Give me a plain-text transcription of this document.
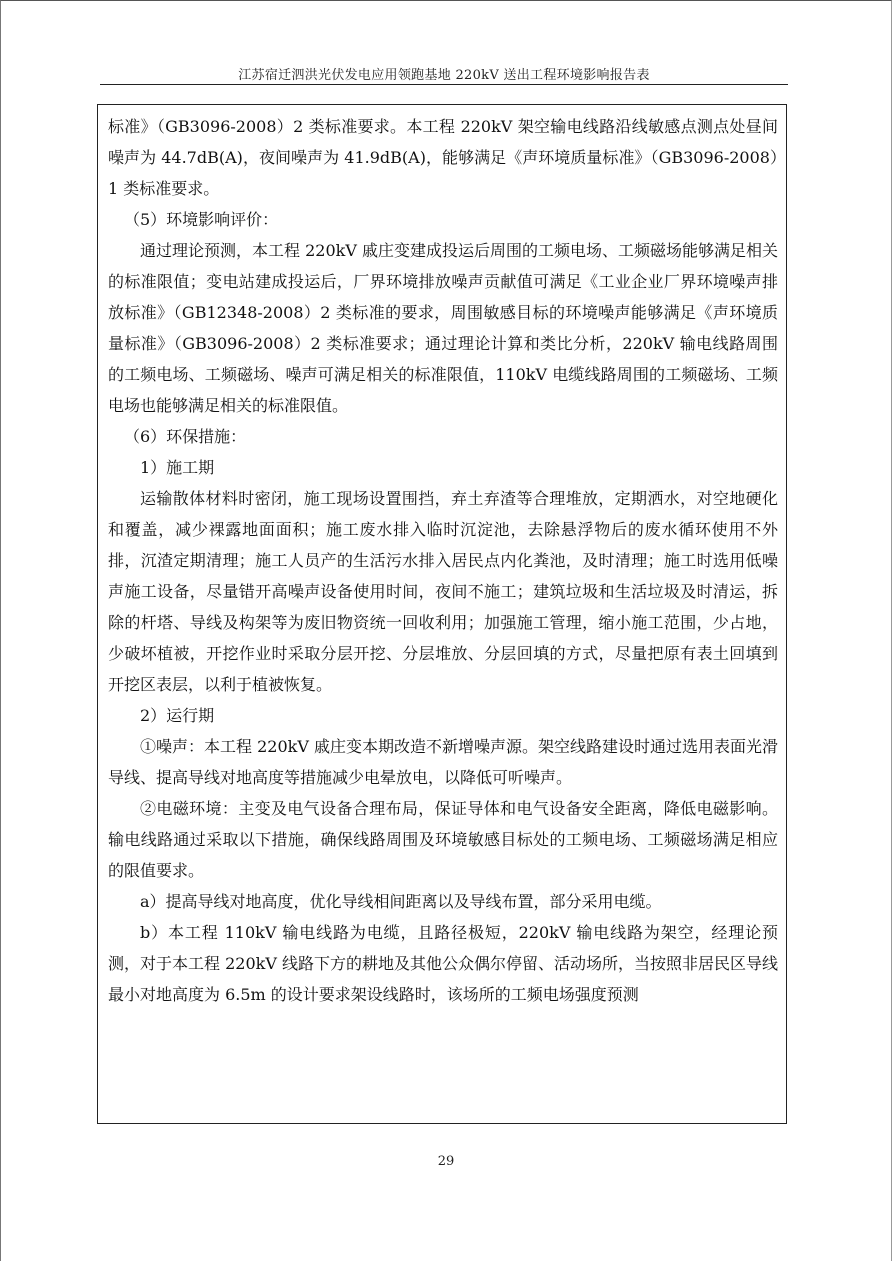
江苏宿迁泗洪光伏发电应用领跑基地 220kV 送出工程环境影响报告表

标准》（GB3096-2008）2 类标准要求。本工程 220kV 架空输电线路沿线敏感点测点处昼间噪声为 44.7dB(A)，夜间噪声为 41.9dB(A)，能够满足《声环境质量标准》（GB3096-2008）1 类标准要求。

（5）环境影响评价：

通过理论预测，本工程 220kV 戚庄变建成投运后周围的工频电场、工频磁场能够满足相关的标准限值；变电站建成投运后，厂界环境排放噪声贡献值可满足《工业企业厂界环境噪声排放标准》（GB12348-2008）2 类标准的要求，周围敏感目标的环境噪声能够满足《声环境质量标准》（GB3096-2008）2 类标准要求；通过理论计算和类比分析，220kV 输电线路周围的工频电场、工频磁场、噪声可满足相关的标准限值，110kV 电缆线路周围的工频磁场、工频电场也能够满足相关的标准限值。

（6）环保措施：

1）施工期

运输散体材料时密闭，施工现场设置围挡，弃土弃渣等合理堆放，定期洒水，对空地硬化和覆盖，减少裸露地面面积；施工废水排入临时沉淀池，去除悬浮物后的废水循环使用不外排，沉渣定期清理；施工人员产的生活污水排入居民点内化粪池，及时清理；施工时选用低噪声施工设备，尽量错开高噪声设备使用时间，夜间不施工；建筑垃圾和生活垃圾及时清运，拆除的杆塔、导线及构架等为废旧物资统一回收利用；加强施工管理，缩小施工范围，少占地，少破坏植被，开挖作业时采取分层开挖、分层堆放、分层回填的方式，尽量把原有表土回填到开挖区表层，以利于植被恢复。

2）运行期

①噪声：本工程 220kV 戚庄变本期改造不新增噪声源。架空线路建设时通过选用表面光滑导线、提高导线对地高度等措施减少电晕放电，以降低可听噪声。

②电磁环境：主变及电气设备合理布局，保证导体和电气设备安全距离，降低电磁影响。输电线路通过采取以下措施，确保线路周围及环境敏感目标处的工频电场、工频磁场满足相应的限值要求。

a）提高导线对地高度，优化导线相间距离以及导线布置，部分采用电缆。

b）本工程 110kV 输电线路为电缆，且路径极短，220kV 输电线路为架空，经理论预测，对于本工程 220kV 线路下方的耕地及其他公众偶尔停留、活动场所，当按照非居民区导线最小对地高度为 6.5m 的设计要求架设线路时，该场所的工频电场强度预测

29
